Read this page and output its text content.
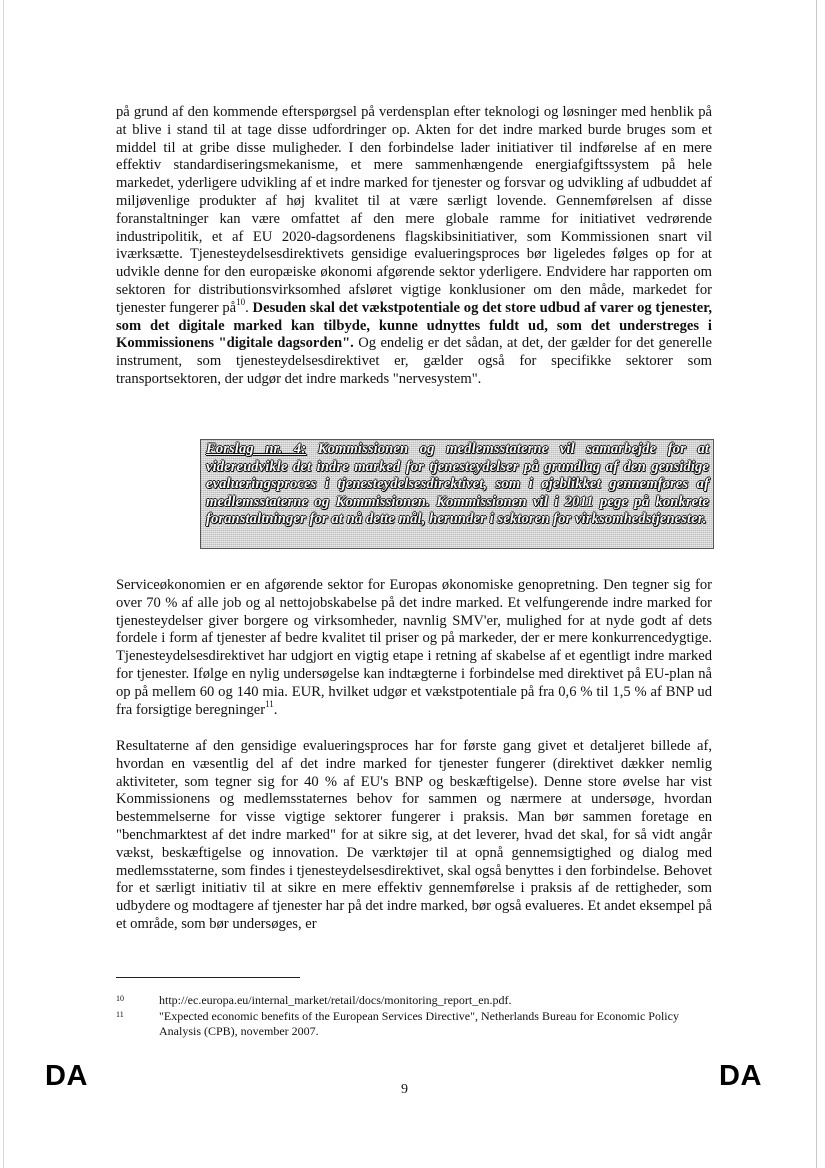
på grund af den kommende efterspørgsel på verdensplan efter teknologi og løsninger med henblik på at blive i stand til at tage disse udfordringer op. Akten for det indre marked burde bruges som et middel til at gribe disse muligheder. I den forbindelse lader initiativer til indførelse af en mere effektiv standardiseringsmekanisme, et mere sammenhængende energiafgiftssystem på hele markedet, yderligere udvikling af et indre marked for tjenester og forsvar og udvikling af udbuddet af miljøvenlige produkter af høj kvalitet til at være særligt lovende. Gennemførelsen af disse foranstaltninger kan være omfattet af den mere globale ramme for initiativet vedrørende industripolitik, et af EU 2020-dagsordenens flagskibsinitiativer, som Kommissionen snart vil iværksætte. Tjenesteydelsesdirektivets gensidige evalueringsproces bør ligeledes følges op for at udvikle denne for den europæiske økonomi afgørende sektor yderligere. Endvidere har rapporten om sektoren for distributionsvirksomhed afsløret vigtige konklusioner om den måde, markedet for tjenester fungerer $på^{10}$. Desuden skal det vækstpotentiale og det store udbud af varer og tjenester, som det digitale marked kan tilbyde, kunne udnyttes fuldt ud, som det understreges i Kommissionens "digitale dagsorden". Og endelig er det sådan, at det, der gælder for det generelle instrument, som tjenesteydelsesdirektivet er, gælder også for specifikke sektorer som transportsektoren, der udgør det indre markeds "nervesystem".

Forslag nr. 4: Kommissionen og medlemsstaterne vil samarbejde for at videreudvikle det indre marked for tjenesteydelser på grundlag af den gensidige evalueringsproces i tjenesteydelsesdirektivet, som i øjeblikket gennemføres af medlemsstaterne og Kommissionen. Kommissionen vil i 2011 pege på konkrete foranstaltninger for at nå dette mål, herunder i sektoren for virksomhedstjenester.

Serviceøkonomien er en afgørende sektor for Europas økonomiske genopretning. Den tegner sig for over 70 % af alle job og al nettojobskabelse på det indre marked. Et velfungerende indre marked for tjenesteydelser giver borgere og virksomheder, navnlig SMV'er, mulighed for at nyde godt af dets fordele i form af tjenester af bedre kvalitet til priser og på markeder, der er mere konkurrencedygtige. Tjenesteydelsesdirektivet har udgjort en vigtig etape i retning af skabelse af et egentligt indre marked for tjenester. Ifølge en nylig undersøgelse kan indtægterne i forbindelse med direktivet på EU-plan nå op på mellem 60 og 140 mia. EUR, hvilket udgør et vækstpotentiale på fra 0,6 % til 1,5 % af BNP ud fra forsigtige beregninger$^{11}$.

Resultaterne af den gensidige evalueringsproces har for første gang givet et detaljeret billede af, hvordan en væsentlig del af det indre marked for tjenester fungerer (direktivet dækker nemlig aktiviteter, som tegner sig for 40 % af EU's BNP og beskæftigelse). Denne store øvelse har vist Kommissionens og medlemsstaternes behov for sammen og nærmere at undersøge, hvordan bestemmelserne for visse vigtige sektorer fungerer i praksis. Man bør sammen foretage en "benchmarktest af det indre marked" for at sikre sig, at det leverer, hvad det skal, for så vidt angår vækst, beskæftigelse og innovation. De værktøjer til at opnå gennemsigtighed og dialog med medlemsstaterne, som findes i tjenesteydelsesdirektivet, skal også benyttes i den forbindelse. Behovet for et særligt initiativ til at sikre en mere effektiv gennemførelse i praksis af de rettigheder, som udbydere og modtagere af tjenester har på det indre marked, bør også evalueres. Et andet eksempel på et område, som bør undersøges, er

10	http://ec.europa.eu/internal_market/retail/docs/monitoring_report_en.pdf.
11	"Expected economic benefits of the European Services Directive", Netherlands Bureau for Economic Policy Analysis (CPB), november 2007.
DA	9	DA
